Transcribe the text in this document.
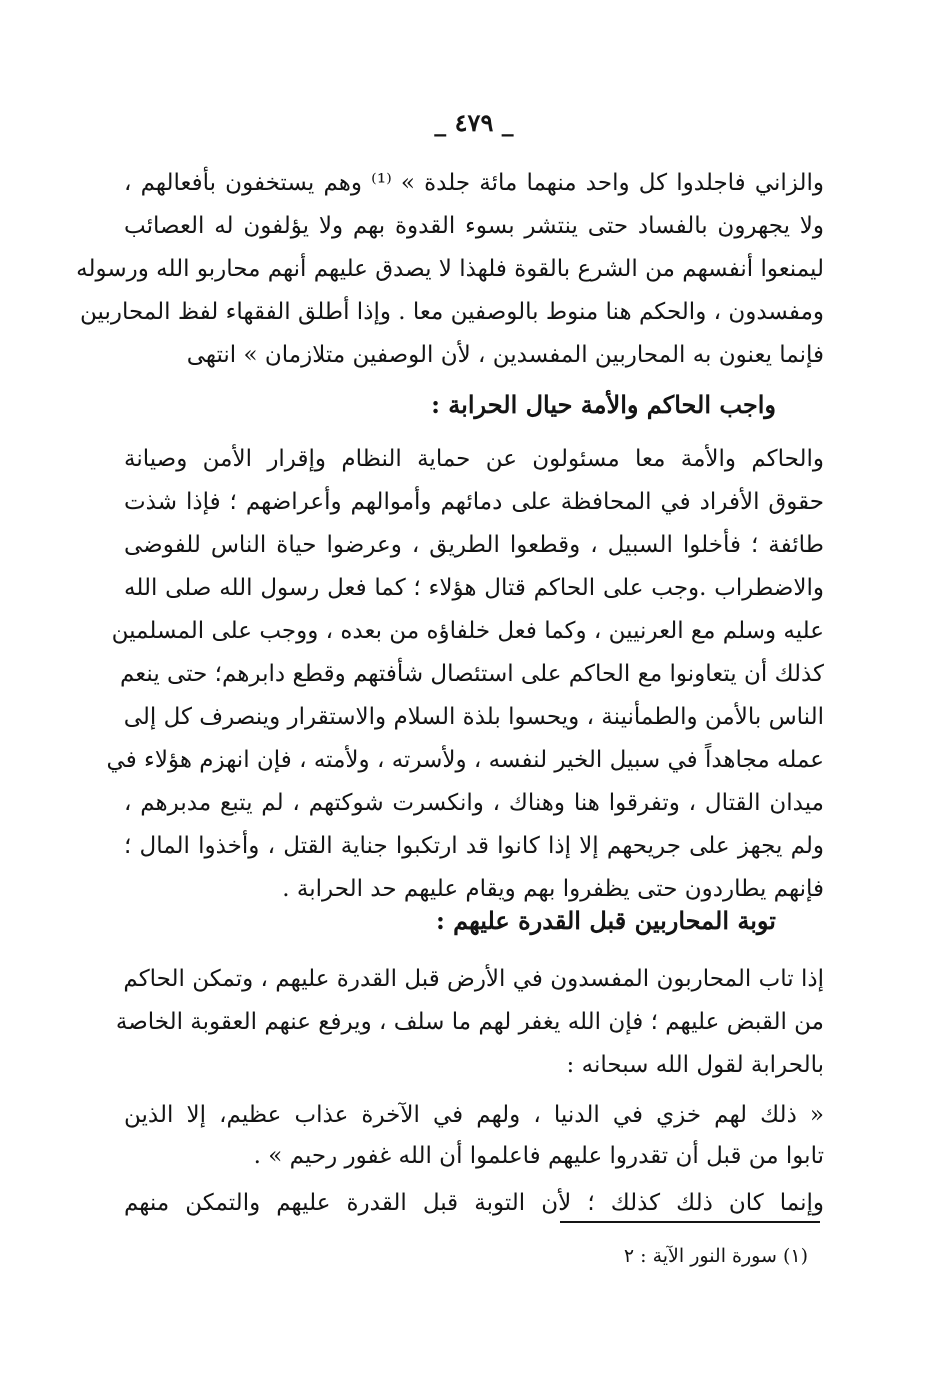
_ ٤٧٩ _
والزاني فاجلدوا كل واحد منهما مائة جلدة » ⁽¹⁾ وهم يستخفون بأفعالهم ،
ولا يجهرون بالفساد حتى ينتشر بسوء القدوة بهم ولا يؤلفون له العصائب
ليمنعوا أنفسهم من الشرع بالقوة فلهذا لا يصدق عليهم أنهم محاربو الله ورسوله
ومفسدون ، والحكم هنا منوط بالوصفين معا . وإذا أطلق الفقهاء لفظ المحاربين
فإنما يعنون به المحاربين المفسدين ، لأن الوصفين متلازمان » انتهى
واجب الحاكم والأمة حيال الحرابة :
والحاكم والأمة معا مسئولون عن حماية النظام وإقرار الأمن وصيانة
حقوق الأفراد في المحافظة على دمائهم وأموالهم وأعراضهم ؛ فإذا شذت
طائفة ؛ فأخلوا السبيل ، وقطعوا الطريق ، وعرضوا حياة الناس للفوضى
والاضطراب .وجب على الحاكم قتال هؤلاء ؛ كما فعل رسول الله صلى الله
عليه وسلم مع العرنيين ، وكما فعل خلفاؤه من بعده ، ووجب على المسلمين
كذلك أن يتعاونوا مع الحاكم على استئصال شأفتهم وقطع دابرهم؛ حتى ينعم
الناس بالأمن والطمأنينة ، ويحسوا بلذة السلام والاستقرار وينصرف كل إلى
عمله مجاهداً في سبيل الخير لنفسه ، ولأسرته ، ولأمته ، فإن انهزم هؤلاء في
ميدان القتال ، وتفرقوا هنا وهناك ، وانكسرت شوكتهم ، لم يتبع مدبرهم ،
ولم يجهز على جريحهم إلا إذا كانوا قد ارتكبوا جناية القتل ، وأخذوا المال ؛
فإنهم يطاردون حتى يظفروا بهم ويقام عليهم حد الحرابة .
توبة المحاربين قبل القدرة عليهم :
إذا تاب المحاربون المفسدون في الأرض قبل القدرة عليهم ، وتمكن الحاكم
من القبض عليهم ؛ فإن الله يغفر لهم ما سلف ، ويرفع عنهم العقوبة الخاصة
بالحرابة لقول الله سبحانه :
« ذلك لهم خزي في الدنيا ، ولهم في الآخرة عذاب عظيم، إلا الذين
تابوا من قبل أن تقدروا عليهم فاعلموا أن الله غفور رحيم » .
وإنما كان ذلك كذلك ؛ لأن التوبة قبل القدرة عليهم والتمكن منهم
(١) سورة النور الآية : ٢
